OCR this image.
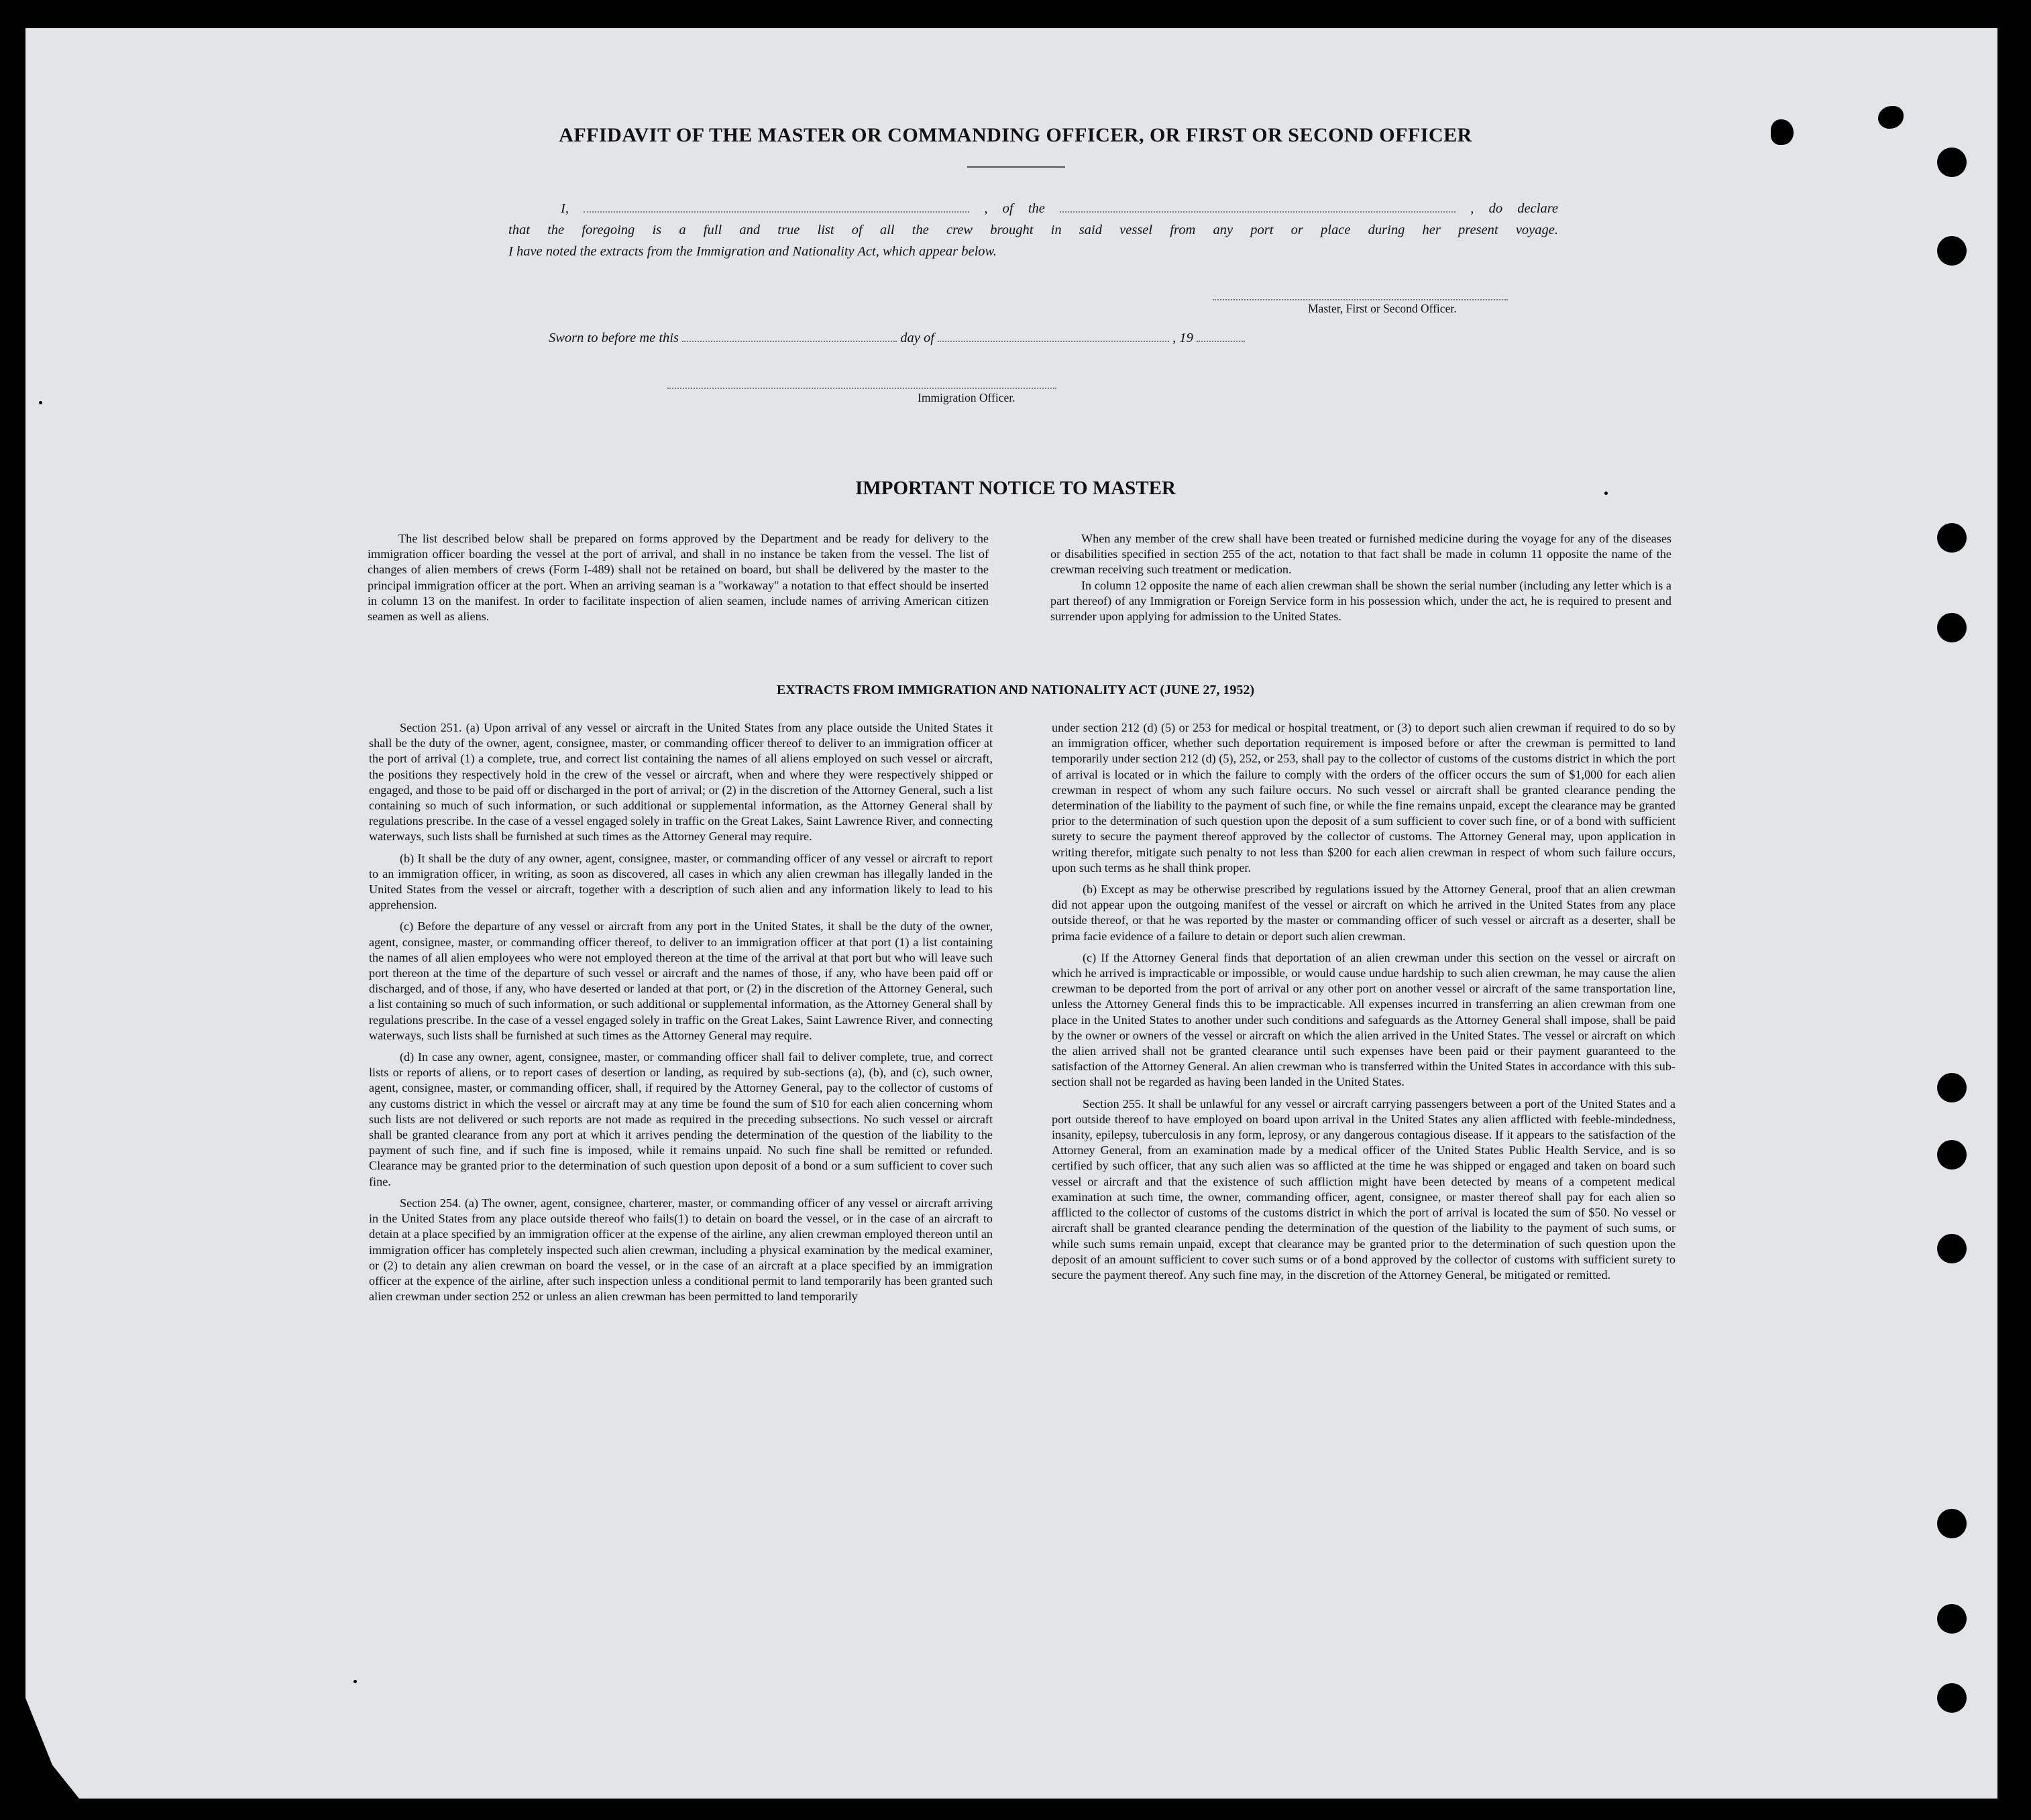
AFFIDAVIT OF THE MASTER OR COMMANDING OFFICER, OR FIRST OR SECOND OFFICER
I,	, of the	, do declare
that the foregoing is a full and true list of all the crew brought in said vessel from any port or place during her present voyage.
I have noted the extracts from the Immigration and Nationality Act, which appear below.
Master, First or Second Officer.
Sworn to before me this	day of	, 19
Immigration Officer.
IMPORTANT NOTICE TO MASTER

The list described below shall be prepared on forms approved by the Department and be ready for delivery to the immigration officer boarding the vessel at the port of arrival, and shall in no instance be taken from the vessel. The list of changes of alien members of crews (Form I-489) shall not be retained on board, but shall be delivered by the master to the principal immigration officer at the port. When an arriving seaman is a "workaway" a notation to that effect should be inserted in column 13 on the manifest. In order to facilitate inspection of alien seamen, include names of arriving American citizen seamen as well as aliens.

When any member of the crew shall have been treated or furnished medicine during the voyage for any of the diseases or disabilities specified in section 255 of the act, notation to that fact shall be made in column 11 opposite the name of the crewman receiving such treatment or medication.

In column 12 opposite the name of each alien crewman shall be shown the serial number (including any letter which is a part thereof) of any Immigration or Foreign Service form in his possession which, under the act, he is required to present and surrender upon applying for admission to the United States.

EXTRACTS FROM IMMIGRATION AND NATIONALITY ACT (JUNE 27, 1952)

Section 251. (a) Upon arrival of any vessel or aircraft in the United States from any place outside the United States it shall be the duty of the owner, agent, consignee, master, or commanding officer thereof to deliver to an immigration officer at the port of arrival (1) a complete, true, and correct list containing the names of all aliens employed on such vessel or aircraft, the positions they respectively hold in the crew of the vessel or aircraft, when and where they were respectively shipped or engaged, and those to be paid off or discharged in the port of arrival; or (2) in the discretion of the Attorney General, such a list containing so much of such information, or such additional or supplemental information, as the Attorney General shall by regulations prescribe. In the case of a vessel engaged solely in traffic on the Great Lakes, Saint Lawrence River, and connecting waterways, such lists shall be furnished at such times as the Attorney General may require.

(b) It shall be the duty of any owner, agent, consignee, master, or commanding officer of any vessel or aircraft to report to an immigration officer, in writing, as soon as discovered, all cases in which any alien crewman has illegally landed in the United States from the vessel or aircraft, together with a description of such alien and any information likely to lead to his apprehension.

(c) Before the departure of any vessel or aircraft from any port in the United States, it shall be the duty of the owner, agent, consignee, master, or commanding officer thereof, to deliver to an immigration officer at that port (1) a list containing the names of all alien employees who were not employed thereon at the time of the arrival at that port but who will leave such port thereon at the time of the departure of such vessel or aircraft and the names of those, if any, who have been paid off or discharged, and of those, if any, who have deserted or landed at that port, or (2) in the discretion of the Attorney General, such a list containing so much of such information, or such additional or supplemental information, as the Attorney General shall by regulations prescribe. In the case of a vessel engaged solely in traffic on the Great Lakes, Saint Lawrence River, and connecting waterways, such lists shall be furnished at such times as the Attorney General may require.

(d) In case any owner, agent, consignee, master, or commanding officer shall fail to deliver complete, true, and correct lists or reports of aliens, or to report cases of desertion or landing, as required by sub-sections (a), (b), and (c), such owner, agent, consignee, master, or commanding officer, shall, if required by the Attorney General, pay to the collector of customs of any customs district in which the vessel or aircraft may at any time be found the sum of $10 for each alien concerning whom such lists are not delivered or such reports are not made as required in the preceding subsections. No such vessel or aircraft shall be granted clearance from any port at which it arrives pending the determination of the question of the liability to the payment of such fine, and if such fine is imposed, while it remains unpaid. No such fine shall be remitted or refunded. Clearance may be granted prior to the determination of such question upon deposit of a bond or a sum sufficient to cover such fine.

Section 254. (a) The owner, agent, consignee, charterer, master, or commanding officer of any vessel or aircraft arriving in the United States from any place outside thereof who fails(1) to detain on board the vessel, or in the case of an aircraft to detain at a place specified by an immigration officer at the expense of the airline, any alien crewman employed thereon until an immigration officer has completely inspected such alien crewman, including a physical examination by the medical examiner, or (2) to detain any alien crewman on board the vessel, or in the case of an aircraft at a place specified by an immigration officer at the expence of the airline, after such inspection unless a conditional permit to land temporarily has been granted such alien crewman under section 252 or unless an alien crewman has been permitted to land temporarily

under section 212 (d) (5) or 253 for medical or hospital treatment, or (3) to deport such alien crewman if required to do so by an immigration officer, whether such deportation requirement is imposed before or after the crewman is permitted to land temporarily under section 212 (d) (5), 252, or 253, shall pay to the collector of customs of the customs district in which the port of arrival is located or in which the failure to comply with the orders of the officer occurs the sum of $1,000 for each alien crewman in respect of whom any such failure occurs. No such vessel or aircraft shall be granted clearance pending the determination of the liability to the payment of such fine, or while the fine remains unpaid, except the clearance may be granted prior to the determination of such question upon the deposit of a sum sufficient to cover such fine, or of a bond with sufficient surety to secure the payment thereof approved by the collector of customs. The Attorney General may, upon application in writing therefor, mitigate such penalty to not less than $200 for each alien crewman in respect of whom such failure occurs, upon such terms as he shall think proper.

(b) Except as may be otherwise prescribed by regulations issued by the Attorney General, proof that an alien crewman did not appear upon the outgoing manifest of the vessel or aircraft on which he arrived in the United States from any place outside thereof, or that he was reported by the master or commanding officer of such vessel or aircraft as a deserter, shall be prima facie evidence of a failure to detain or deport such alien crewman.

(c) If the Attorney General finds that deportation of an alien crewman under this section on the vessel or aircraft on which he arrived is impracticable or impossible, or would cause undue hardship to such alien crewman, he may cause the alien crewman to be deported from the port of arrival or any other port on another vessel or aircraft of the same transportation line, unless the Attorney General finds this to be impracticable. All expenses incurred in transferring an alien crewman from one place in the United States to another under such conditions and safeguards as the Attorney General shall impose, shall be paid by the owner or owners of the vessel or aircraft on which the alien arrived in the United States. The vessel or aircraft on which the alien arrived shall not be granted clearance until such expenses have been paid or their payment guaranteed to the satisfaction of the Attorney General. An alien crewman who is transferred within the United States in accordance with this sub-section shall not be regarded as having been landed in the United States.

Section 255. It shall be unlawful for any vessel or aircraft carrying passengers between a port of the United States and a port outside thereof to have employed on board upon arrival in the United States any alien afflicted with feeble-mindedness, insanity, epilepsy, tuberculosis in any form, leprosy, or any dangerous contagious disease. If it appears to the satisfaction of the Attorney General, from an examination made by a medical officer of the United States Public Health Service, and is so certified by such officer, that any such alien was so afflicted at the time he was shipped or engaged and taken on board such vessel or aircraft and that the existence of such affliction might have been detected by means of a competent medical examination at such time, the owner, commanding officer, agent, consignee, or master thereof shall pay for each alien so afflicted to the collector of customs of the customs district in which the port of arrival is located the sum of $50. No vessel or aircraft shall be granted clearance pending the determination of the question of the liability to the payment of such sums, or while such sums remain unpaid, except that clearance may be granted prior to the determination of such question upon the deposit of an amount sufficient to cover such sums or of a bond approved by the collector of customs with sufficient surety to secure the payment thereof. Any such fine may, in the discretion of the Attorney General, be mitigated or remitted.
